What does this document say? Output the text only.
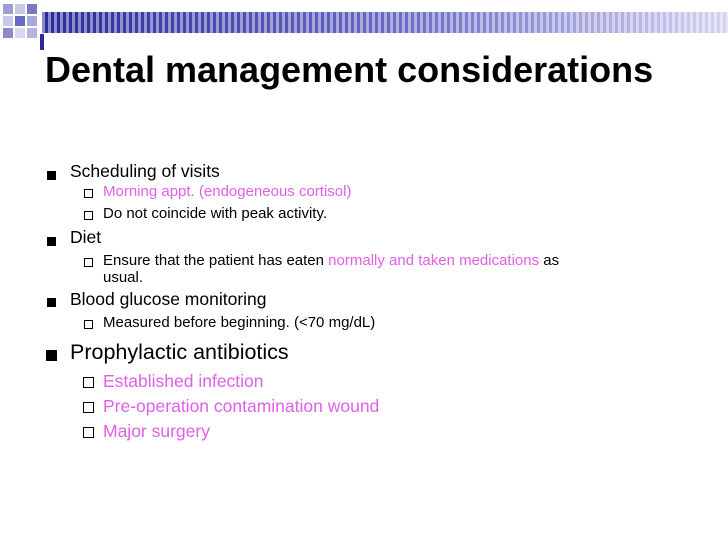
Dental management considerations
Scheduling of visits
Morning appt. (endogeneous cortisol)
Do not coincide with peak activity.
Diet
Ensure that the patient has eaten normally and taken medications as
usual.
Blood glucose monitoring
Measured before beginning. (<70 mg/dL)
Prophylactic antibiotics
Established infection
Pre-operation contamination wound
Major surgery
